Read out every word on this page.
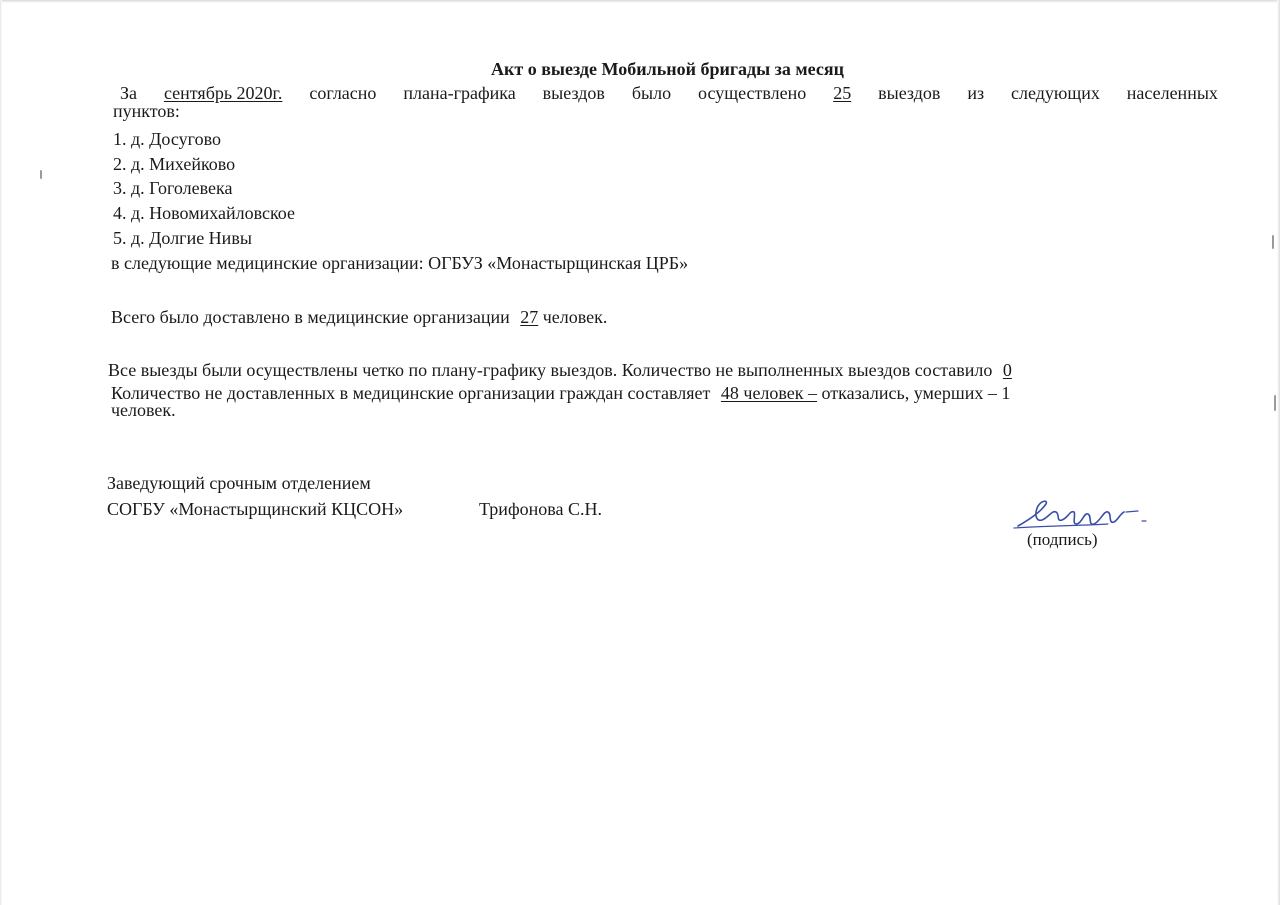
Акт о выезде Мобильной бригады за месяц
За сентябрь 2020г. согласно плана-графика выездов было осуществлено 25 выездов из следующих населенных
пунктов:
1. д. Досугово
2. д. Михейково
3. д. Гоголевека
4. д. Новомихайловское
5. д. Долгие Нивы
в следующие медицинские организации: ОГБУЗ «Монастырщинская ЦРБ»
Всего было доставлено в медицинские организации 27 человек.
Все выезды были осуществлены четко по плану-графику выездов. Количество не выполненных выездов составило 0
Количество не доставленных в медицинские организации граждан составляет 48 человек – отказались, умерших – 1
человек.
Заведующий срочным отделением
СОГБУ «Монастырщинский КЦСОН»	Трифонова С.Н.
(подпись)
